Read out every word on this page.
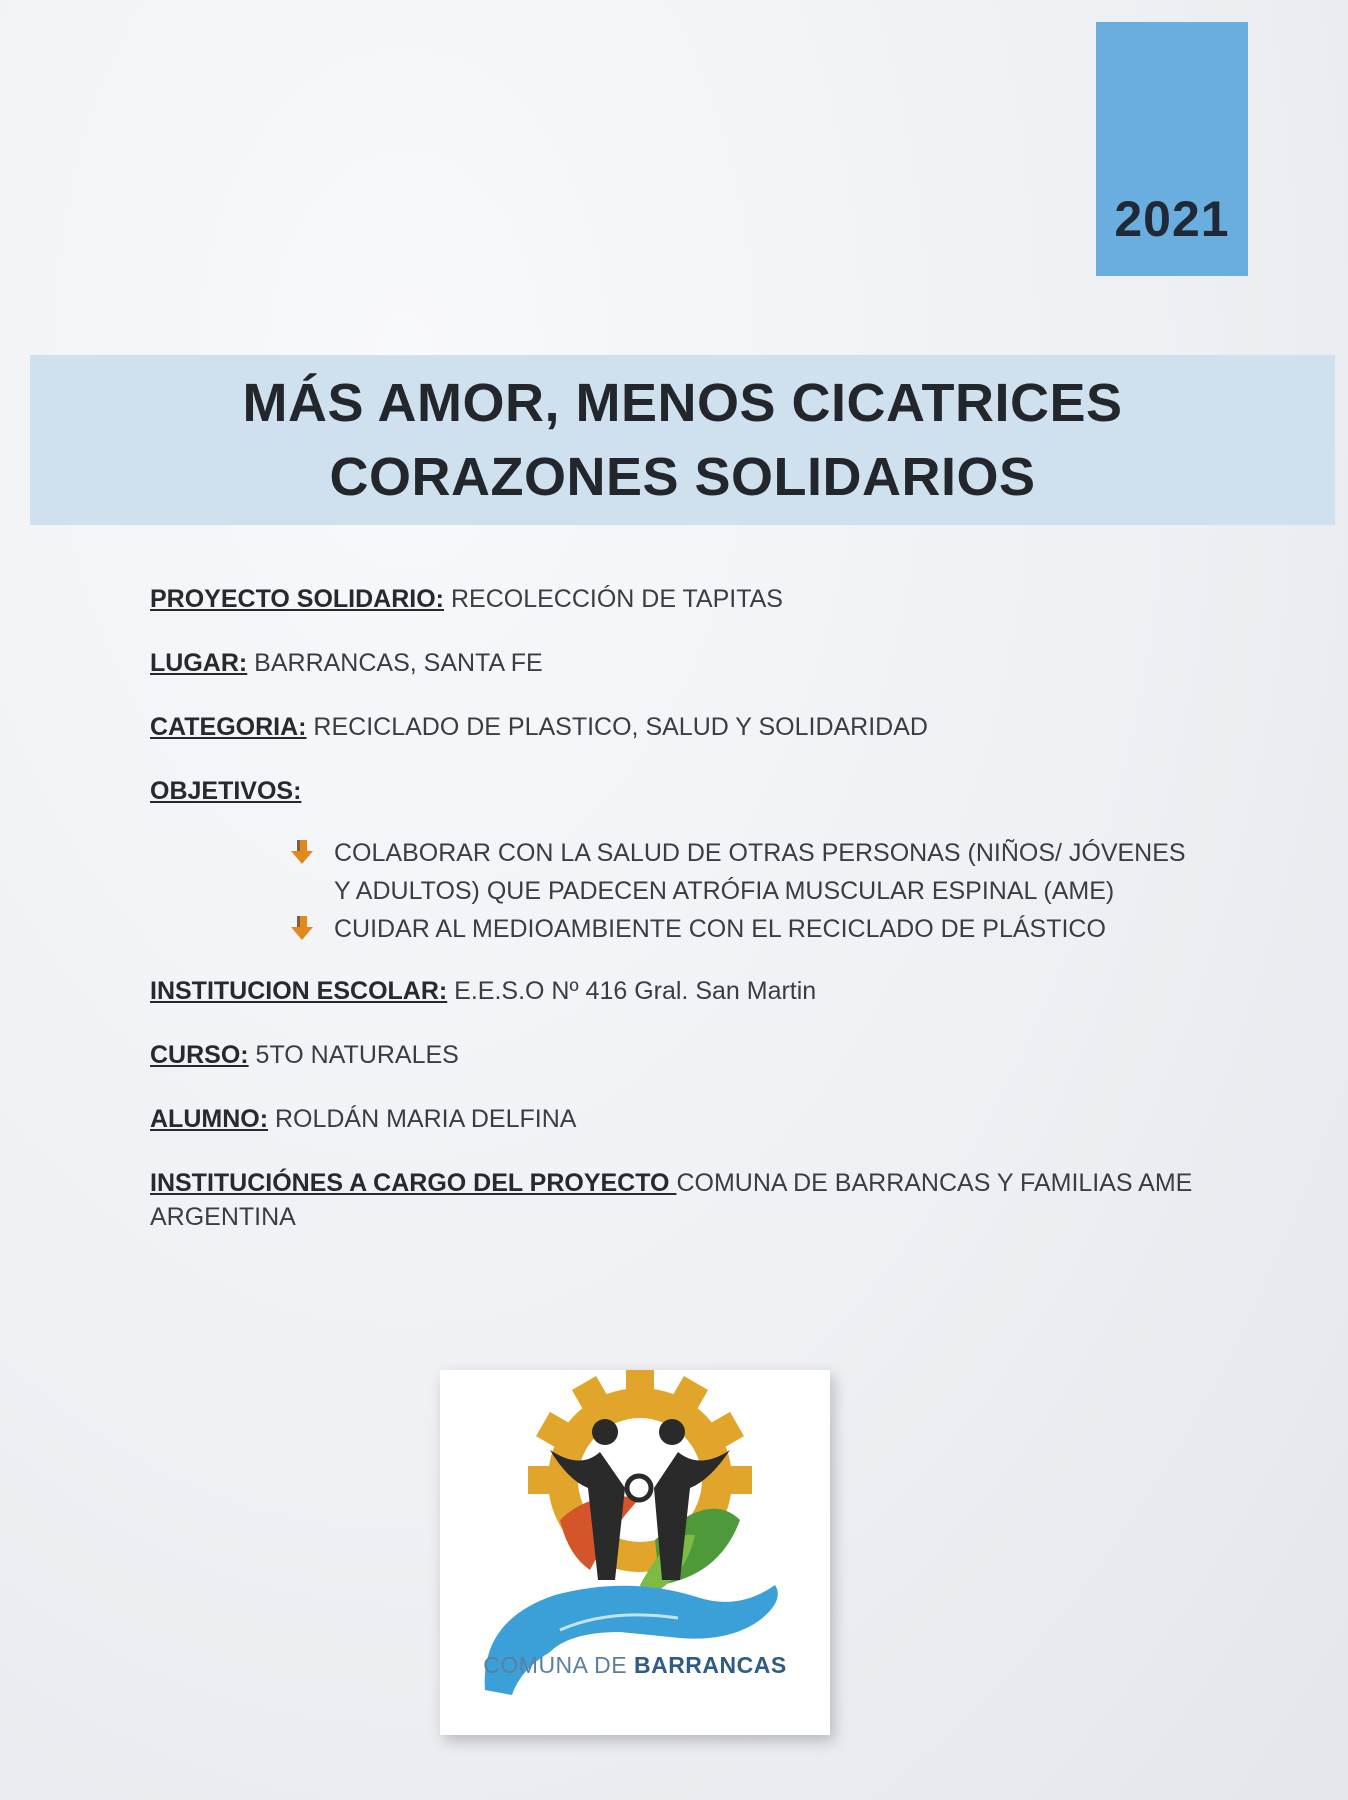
2021
MÁS AMOR, MENOS CICATRICES
CORAZONES SOLIDARIOS
PROYECTO SOLIDARIO: RECOLECCIÓN DE TAPITAS
LUGAR: BARRANCAS, SANTA FE
CATEGORIA: RECICLADO DE PLASTICO, SALUD Y SOLIDARIDAD
OBJETIVOS:
COLABORAR CON LA SALUD DE OTRAS PERSONAS (NIÑOS/ JÓVENES Y ADULTOS) QUE PADECEN ATRÓFIA MUSCULAR ESPINAL (AME)
CUIDAR AL MEDIOAMBIENTE CON EL RECICLADO DE PLÁSTICO
INSTITUCION ESCOLAR: E.E.S.O Nº 416 Gral. San Martin
CURSO: 5TO NATURALES
ALUMNO: ROLDÁN MARIA DELFINA
INSTITUCIÓNES A CARGO DEL PROYECTO COMUNA DE BARRANCAS Y FAMILIAS AME ARGENTINA
COMUNA DE BARRANCAS
